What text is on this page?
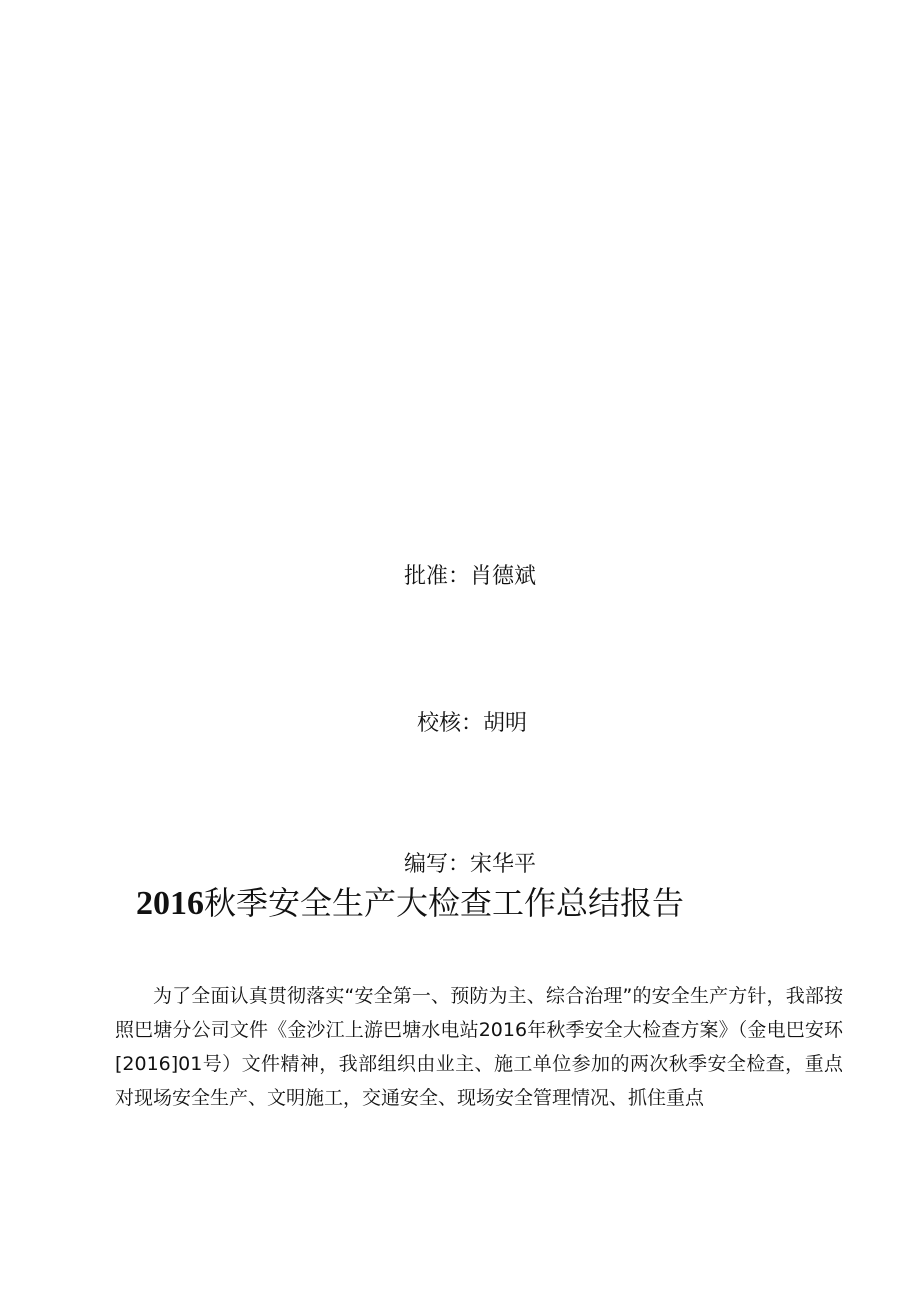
批准：肖德斌
校核：胡明
编写：宋华平
2016秋季安全生产大检查工作总结报告

为了全面认真贯彻落实“安全第一、预防为主、综合治理”的安全生产方针，我部按照巴塘分公司文件《金沙江上游巴塘水电站2016年秋季安全大检查方案》（金电巴安环[2016]01号）文件精神，我部组织由业主、施工单位参加的两次秋季安全检查，重点对现场安全生产、文明施工，交通安全、现场安全管理情况、抓住重点
